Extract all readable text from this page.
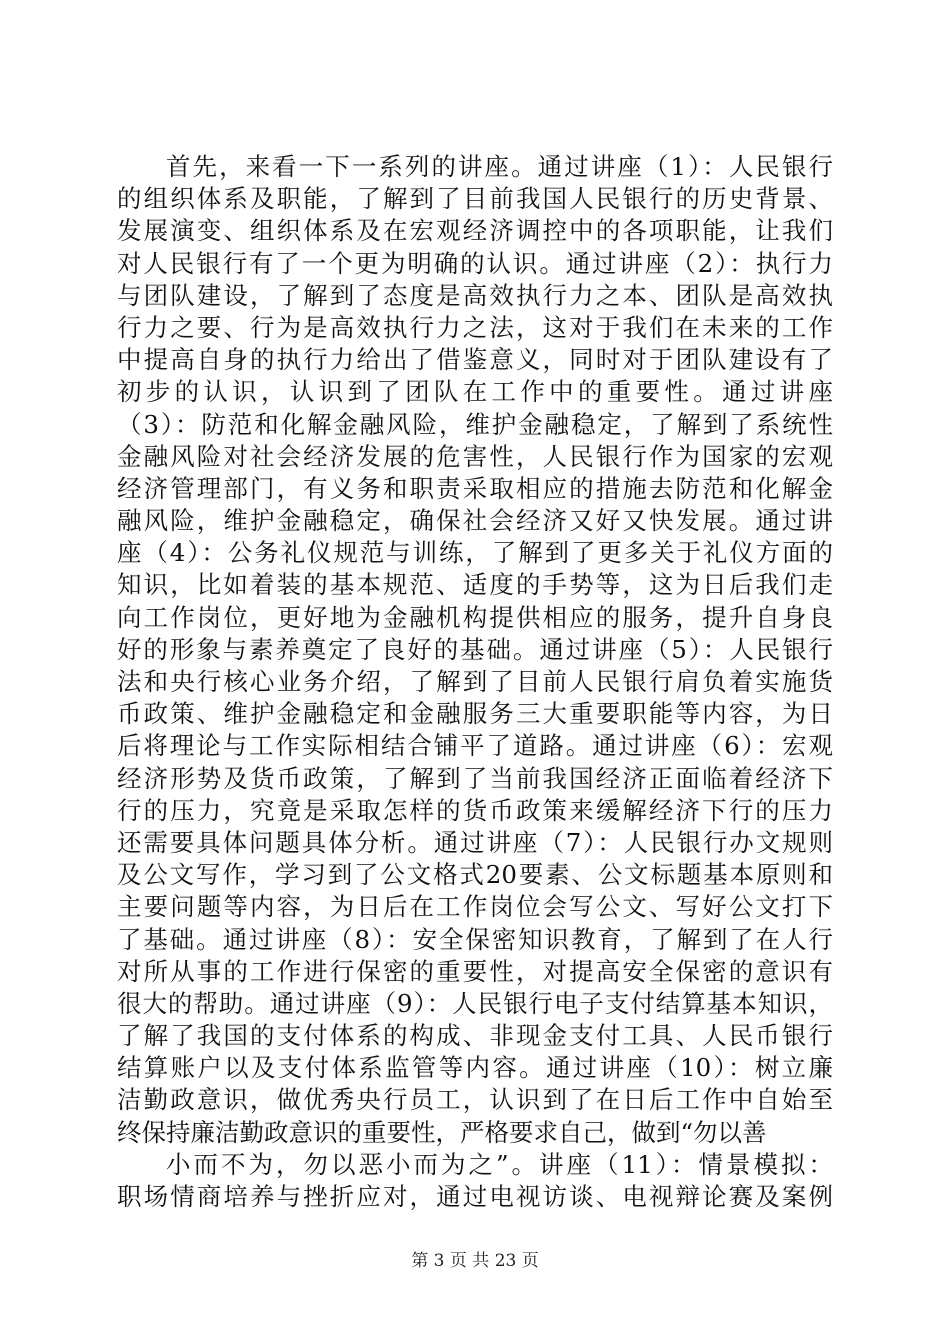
首先，来看一下一系列的讲座。通过讲座（1）：人民银行
的组织体系及职能，了解到了目前我国人民银行的历史背景、
发展演变、组织体系及在宏观经济调控中的各项职能，让我们
对人民银行有了一个更为明确的认识。通过讲座（2）：执行力
与团队建设，了解到了态度是高效执行力之本、团队是高效执
行力之要、行为是高效执行力之法，这对于我们在未来的工作
中提高自身的执行力给出了借鉴意义，同时对于团队建设有了
初步的认识，认识到了团队在工作中的重要性。通过讲座
（3）：防范和化解金融风险，维护金融稳定，了解到了系统性
金融风险对社会经济发展的危害性，人民银行作为国家的宏观
经济管理部门，有义务和职责采取相应的措施去防范和化解金
融风险，维护金融稳定，确保社会经济又好又快发展。通过讲
座（4）：公务礼仪规范与训练，了解到了更多关于礼仪方面的
知识，比如着装的基本规范、适度的手势等，这为日后我们走
向工作岗位，更好地为金融机构提供相应的服务，提升自身良
好的形象与素养奠定了良好的基础。通过讲座（5）：人民银行
法和央行核心业务介绍，了解到了目前人民银行肩负着实施货
币政策、维护金融稳定和金融服务三大重要职能等内容，为日
后将理论与工作实际相结合铺平了道路。通过讲座（6）：宏观
经济形势及货币政策，了解到了当前我国经济正面临着经济下
行的压力，究竟是采取怎样的货币政策来缓解经济下行的压力
还需要具体问题具体分析。通过讲座（7）：人民银行办文规则
及公文写作，学习到了公文格式20要素、公文标题基本原则和
主要问题等内容，为日后在工作岗位会写公文、写好公文打下
了基础。通过讲座（8）：安全保密知识教育，了解到了在人行
对所从事的工作进行保密的重要性，对提高安全保密的意识有
很大的帮助。通过讲座（9）：人民银行电子支付结算基本知识，
了解了我国的支付体系的构成、非现金支付工具、人民币银行
结算账户以及支付体系监管等内容。通过讲座（10）：树立廉
洁勤政意识，做优秀央行员工，认识到了在日后工作中自始至
终保持廉洁勤政意识的重要性，严格要求自己，做到“勿以善
小而不为，勿以恶小而为之”。讲座（11）：情景模拟：
职场情商培养与挫折应对，通过电视访谈、电视辩论赛及案例
第 3 页 共 23 页
